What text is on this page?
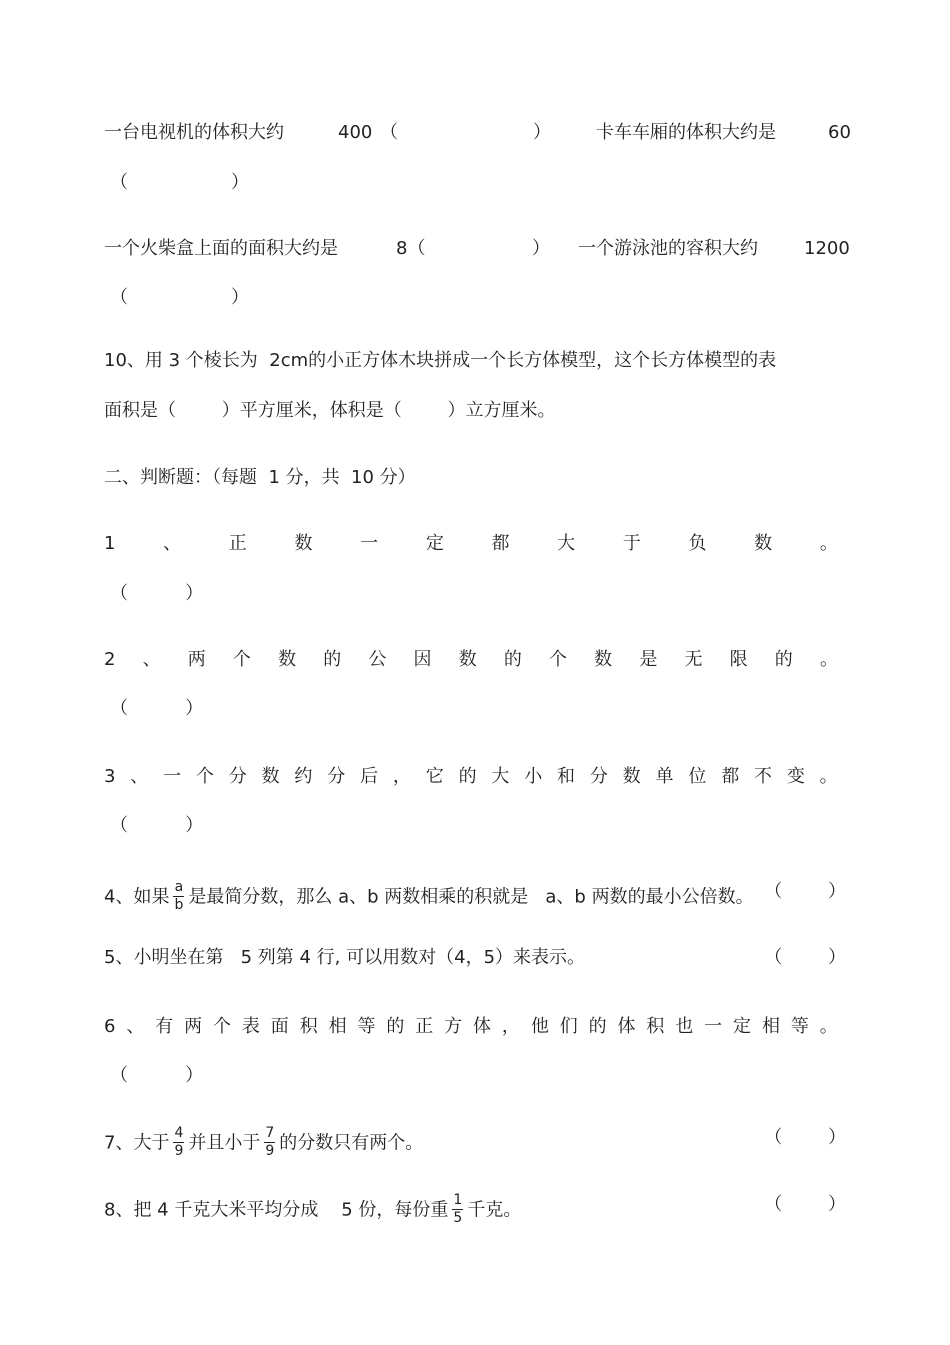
一台电视机的体积大约	400 （	）	卡车车厢的体积大约是	60
（                  ）
一个火柴盒上面的面积大约是	8（	） 一个游泳池的容积大约	1200
（                  ）
10、用 3 个棱长为  2cm的小正方体木块拼成一个长方体模型，这个长方体模型的表
面积是（        ）平方厘米，体积是（        ）立方厘米。
二、判断题：（每题  1 分，共  10 分）
1	、	正	数	一	定	都	大	于	负	数	。
（          ）
2 、 两 个 数 的 公 因 数 的 个 数 是 无 限 的 。
（          ）
3 、 一 个 分 数 约 分 后 ， 它 的 大 小 和 分 数 单 位 都 不 变 。
（          ）
4、如果 $\frac{a}{b}$ 是最简分数，那么 a、b 两数相乘的积就是   a、b 两数的最小公倍数。 （        ）
5、小明坐在第   5 列第 4 行, 可以用数对（4，5）来表示。	（        ）
6 、 有 两 个 表 面 积 相 等 的 正 方 体 ， 他 们 的 体 积 也 一 定 相 等 。
（          ）
7、大于 $\frac{4}{9}$ 并且小于 $\frac{7}{9}$ 的分数只有两个。	（        ）
8、把 4 千克大米平均分成    5 份，每份重 $\frac{1}{5}$ 千克。	（        ）
